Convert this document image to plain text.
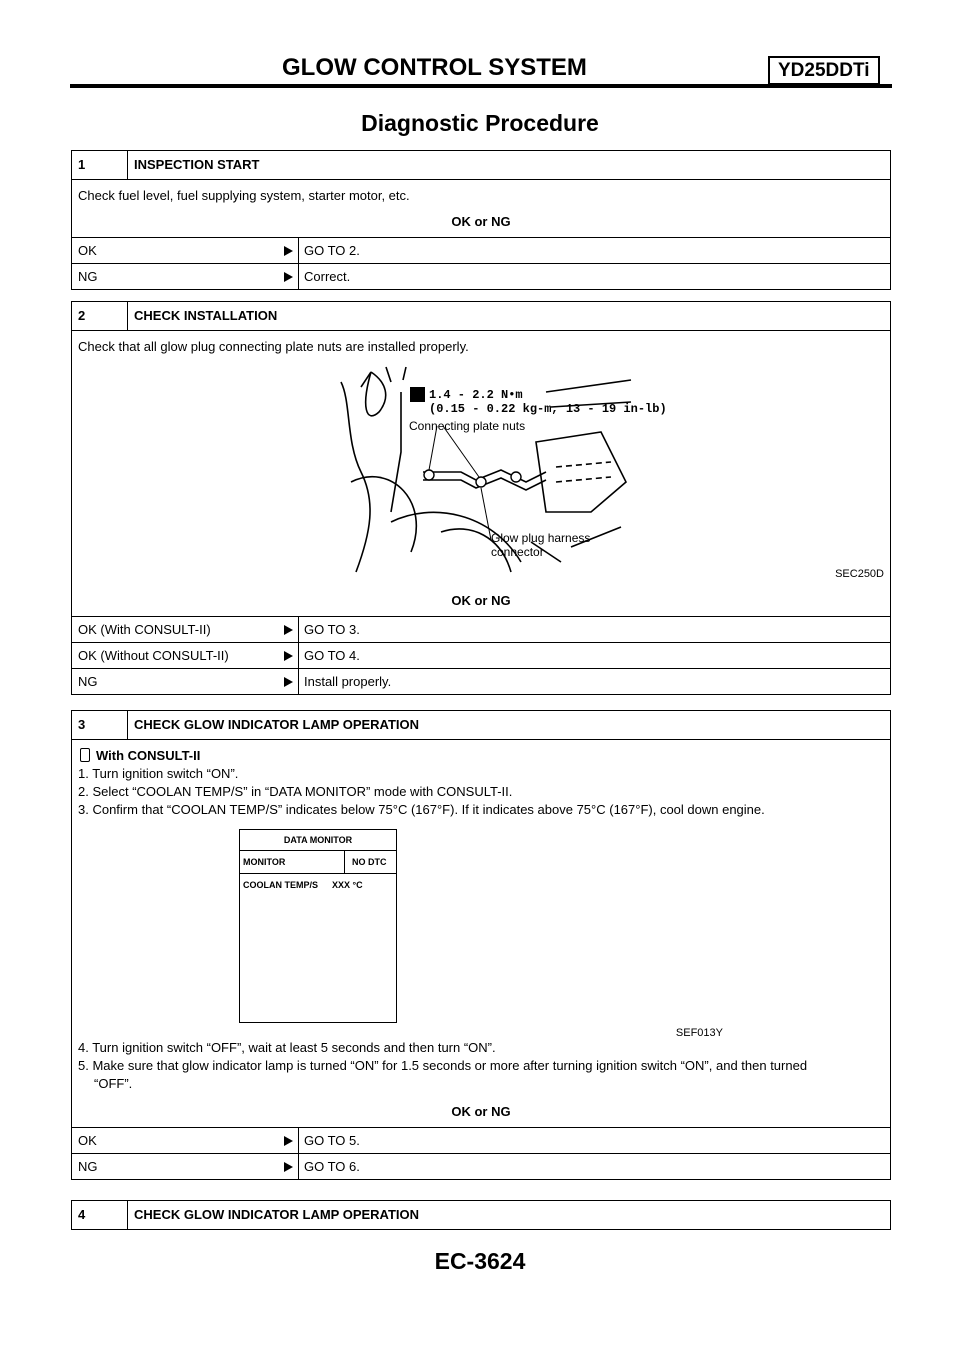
GLOW CONTROL SYSTEM	YD25DDTi
Diagnostic Procedure
1	INSPECTION START

Check fuel level, fuel supplying system, starter motor, etc.

OK or NG

OK	GO TO 2.
NG	Correct.
2	CHECK INSTALLATION

Check that all glow plug connecting plate nuts are installed properly.

1.4 - 2.2 N•m
(0.15 - 0.22 kg-m, 13 - 19 in-lb)
Connecting plate nuts
Glow plug harness
connector
SEC250D

OK or NG

OK (With CONSULT-II)	GO TO 3.
OK (Without CONSULT-II)	GO TO 4.
NG	Install properly.
3	CHECK GLOW INDICATOR LAMP OPERATION

With CONSULT-II

1. Turn ignition switch “ON”.

2. Select “COOLAN TEMP/S” in “DATA MONITOR” mode with CONSULT-II.

3. Confirm that “COOLAN TEMP/S” indicates below 75°C (167°F). If it indicates above 75°C (167°F), cool down engine.

DATA MONITOR
MONITOR	NO DTC
COOLAN TEMP/S XXX °C
SEF013Y

4. Turn ignition switch “OFF”, wait at least 5 seconds and then turn “ON”.

5. Make sure that glow indicator lamp is turned “ON” for 1.5 seconds or more after turning ignition switch “ON”, and then turned

“OFF”.

OK or NG

OK	GO TO 5.
NG	GO TO 6.
4	CHECK GLOW INDICATOR LAMP OPERATION
EC-3624
